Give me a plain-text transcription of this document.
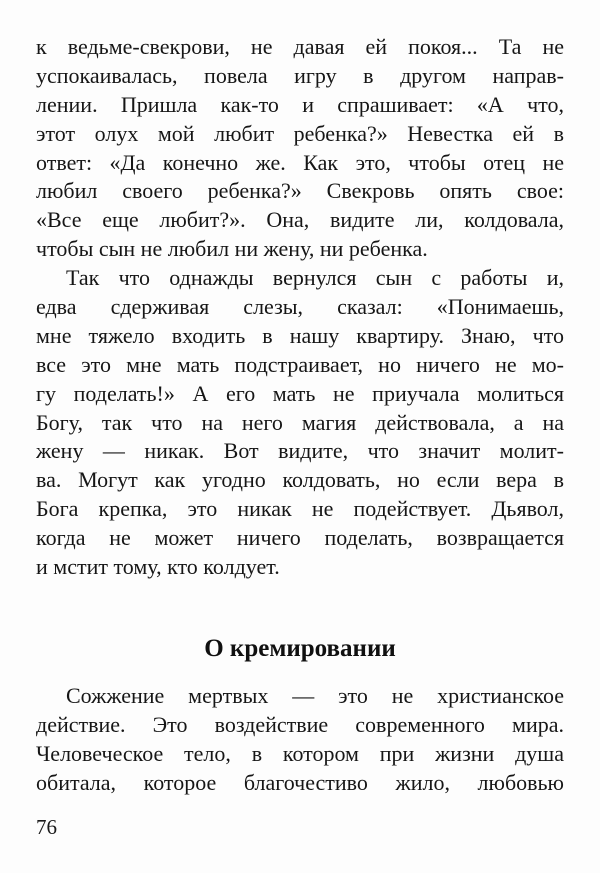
к ведьме-свекрови, не давая ей покоя... Та не
успокаивалась, повела игру в другом направ-
лении. Пришла как-то и спрашивает: «А что,
этот олух мой любит ребенка?» Невестка ей в
ответ: «Да конечно же. Как это, чтобы отец не
любил своего ребенка?» Свекровь опять свое:
«Все еще любит?». Она, видите ли, колдовала,
чтобы сын не любил ни жену, ни ребенка.
Так что однажды вернулся сын с работы и,
едва сдерживая слезы, сказал: «Понимаешь,
мне тяжело входить в нашу квартиру. Знаю, что
все это мне мать подстраивает, но ничего не мо-
гу поделать!» А его мать не приучала молиться
Богу, так что на него магия действовала, а на
жену — никак. Вот видите, что значит молит-
ва. Могут как угодно колдовать, но если вера в
Бога крепка, это никак не подействует. Дьявол,
когда не может ничего поделать, возвращается
и мстит тому, кто колдует.
О кремировании
Сожжение мертвых — это не христианское
действие. Это воздействие современного мира.
Человеческое тело, в котором при жизни душа
обитала, которое благочестиво жило, любовью
76
